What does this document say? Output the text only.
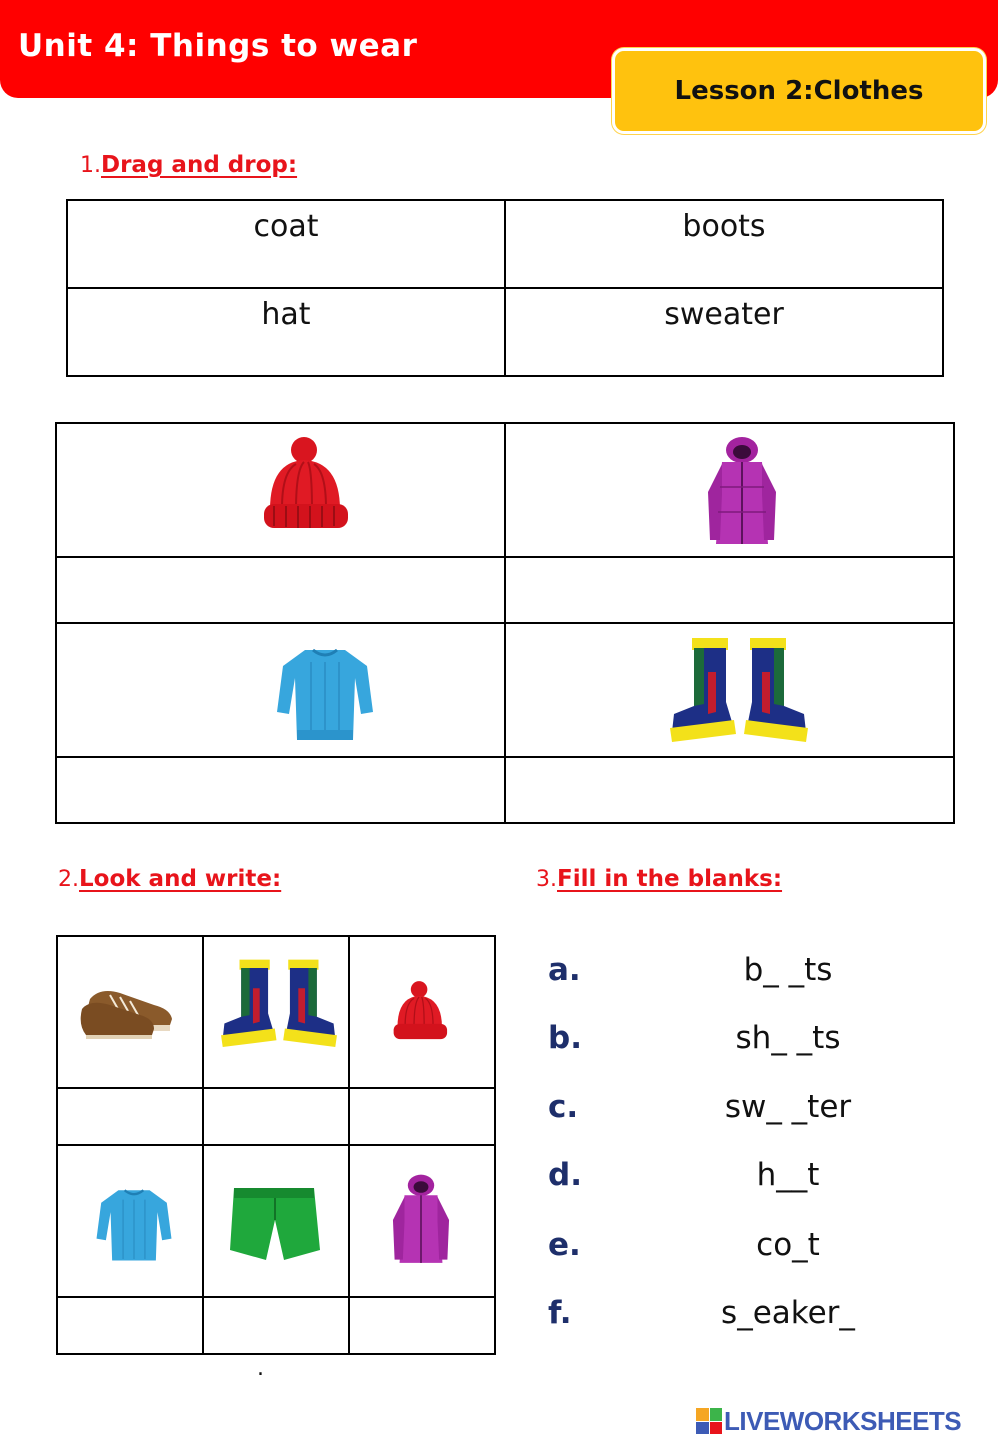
Unit 4: Things to wear
Lesson 2:Clothes
1.Drag and drop:
coat	boots
hat	sweater

2.Look and write:	3.Fill in the blanks:

a.	b_ _ts
b.	sh_ _ts
c.	sw_ _ter
d.	h__t
e.	co_t
f.	s_eaker_
.
LIVEWORKSHEETS
